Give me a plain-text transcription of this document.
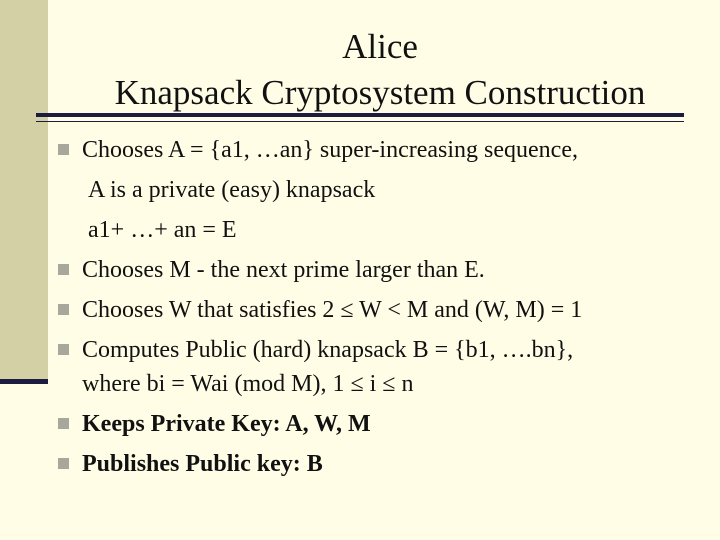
Alice
Knapsack Cryptosystem Construction
Chooses A = {a1, …an} super-increasing sequence,
A is a private (easy) knapsack
a1+ …+ an = E
Chooses M - the next prime larger than E.
Chooses W that satisfies 2 ≤ W < M and (W, M) = 1
Computes Public (hard) knapsack B = {b1, ….bn},
where bi = Wai (mod M), 1 ≤ i ≤ n
Keeps Private Key: A, W, M
Publishes Public key: B
